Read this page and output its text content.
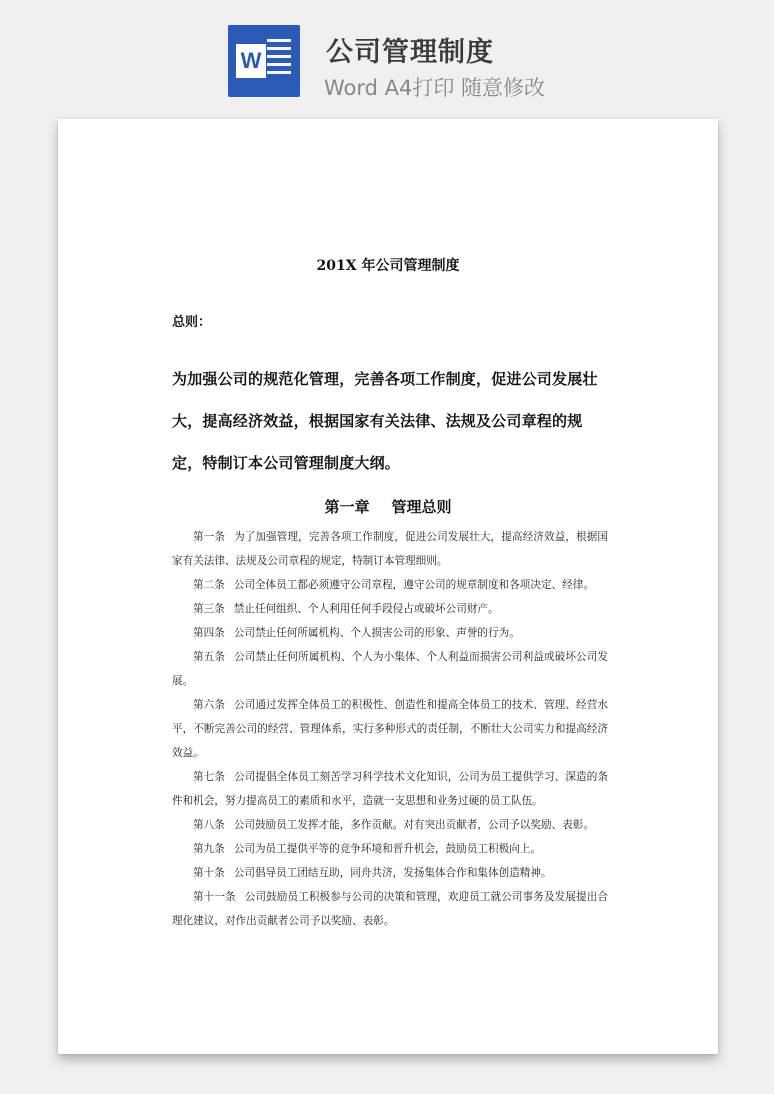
W 公司管理制度
Word A4打印 随意修改
201X 年公司管理制度
总则：
为加强公司的规范化管理，完善各项工作制度，促进公司发展壮大，提高经济效益，根据国家有关法律、法规及公司章程的规定，特制订本公司管理制度大纲。
第一章 管理总则

第一条 为了加强管理，完善各项工作制度，促进公司发展壮大，提高经济效益，根据国家有关法律、法规及公司章程的规定，特制订本管理细则。

第二条 公司全体员工都必须遵守公司章程，遵守公司的规章制度和各项决定、经律。

第三条 禁止任何组织、个人利用任何手段侵占或破坏公司财产。

第四条 公司禁止任何所属机构、个人损害公司的形象、声誉的行为。

第五条 公司禁止任何所属机构、个人为小集体、个人利益而损害公司利益或破坏公司发展。

第六条 公司通过发挥全体员工的积极性、创造性和提高全体员工的技术、管理、经营水平，不断完善公司的经营、管理体系，实行多种形式的责任制，不断壮大公司实力和提高经济效益。

第七条 公司提倡全体员工刻苦学习科学技术文化知识，公司为员工提供学习、深造的条件和机会，努力提高员工的素质和水平，造就一支思想和业务过硬的员工队伍。

第八条 公司鼓励员工发挥才能，多作贡献。对有突出贡献者，公司予以奖励、表彰。

第九条 公司为员工提供平等的竞争环境和晋升机会，鼓励员工积极向上。

第十条 公司倡导员工团结互助，同舟共济，发扬集体合作和集体创造精神。

第十一条 公司鼓励员工积极参与公司的决策和管理，欢迎员工就公司事务及发展提出合理化建议，对作出贡献者公司予以奖励、表彰。
